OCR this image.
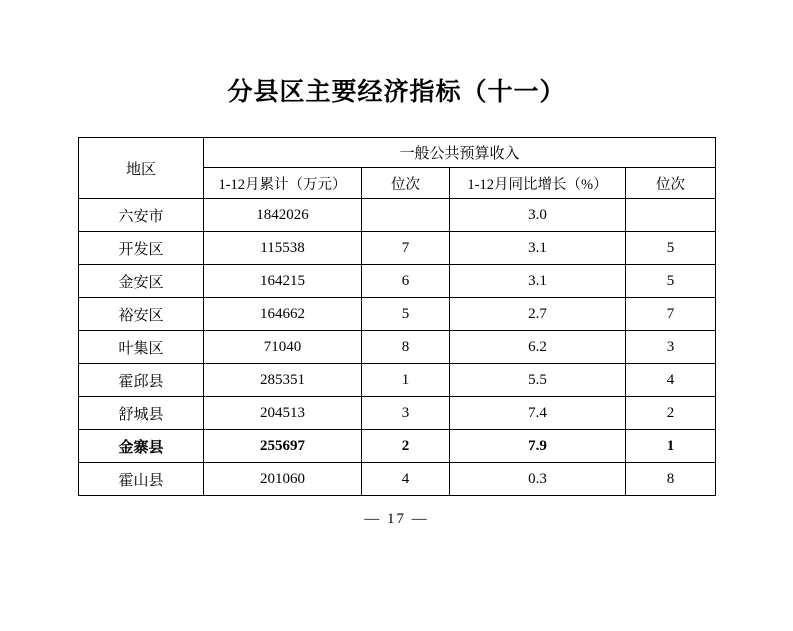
分县区主要经济指标（十一）
地区	一般公共预算收入			
	1-12月累计（万元）	位次	1-12月同比增长（%）	位次
六安市	1842026		3.0	
开发区	115538	7	3.1	5
金安区	164215	6	3.1	5
裕安区	164662	5	2.7	7
叶集区	71040	8	6.2	3
霍邱县	285351	1	5.5	4
舒城县	204513	3	7.4	2
金寨县	255697	2	7.9	1
霍山县	201060	4	0.3	8
— 17 —
